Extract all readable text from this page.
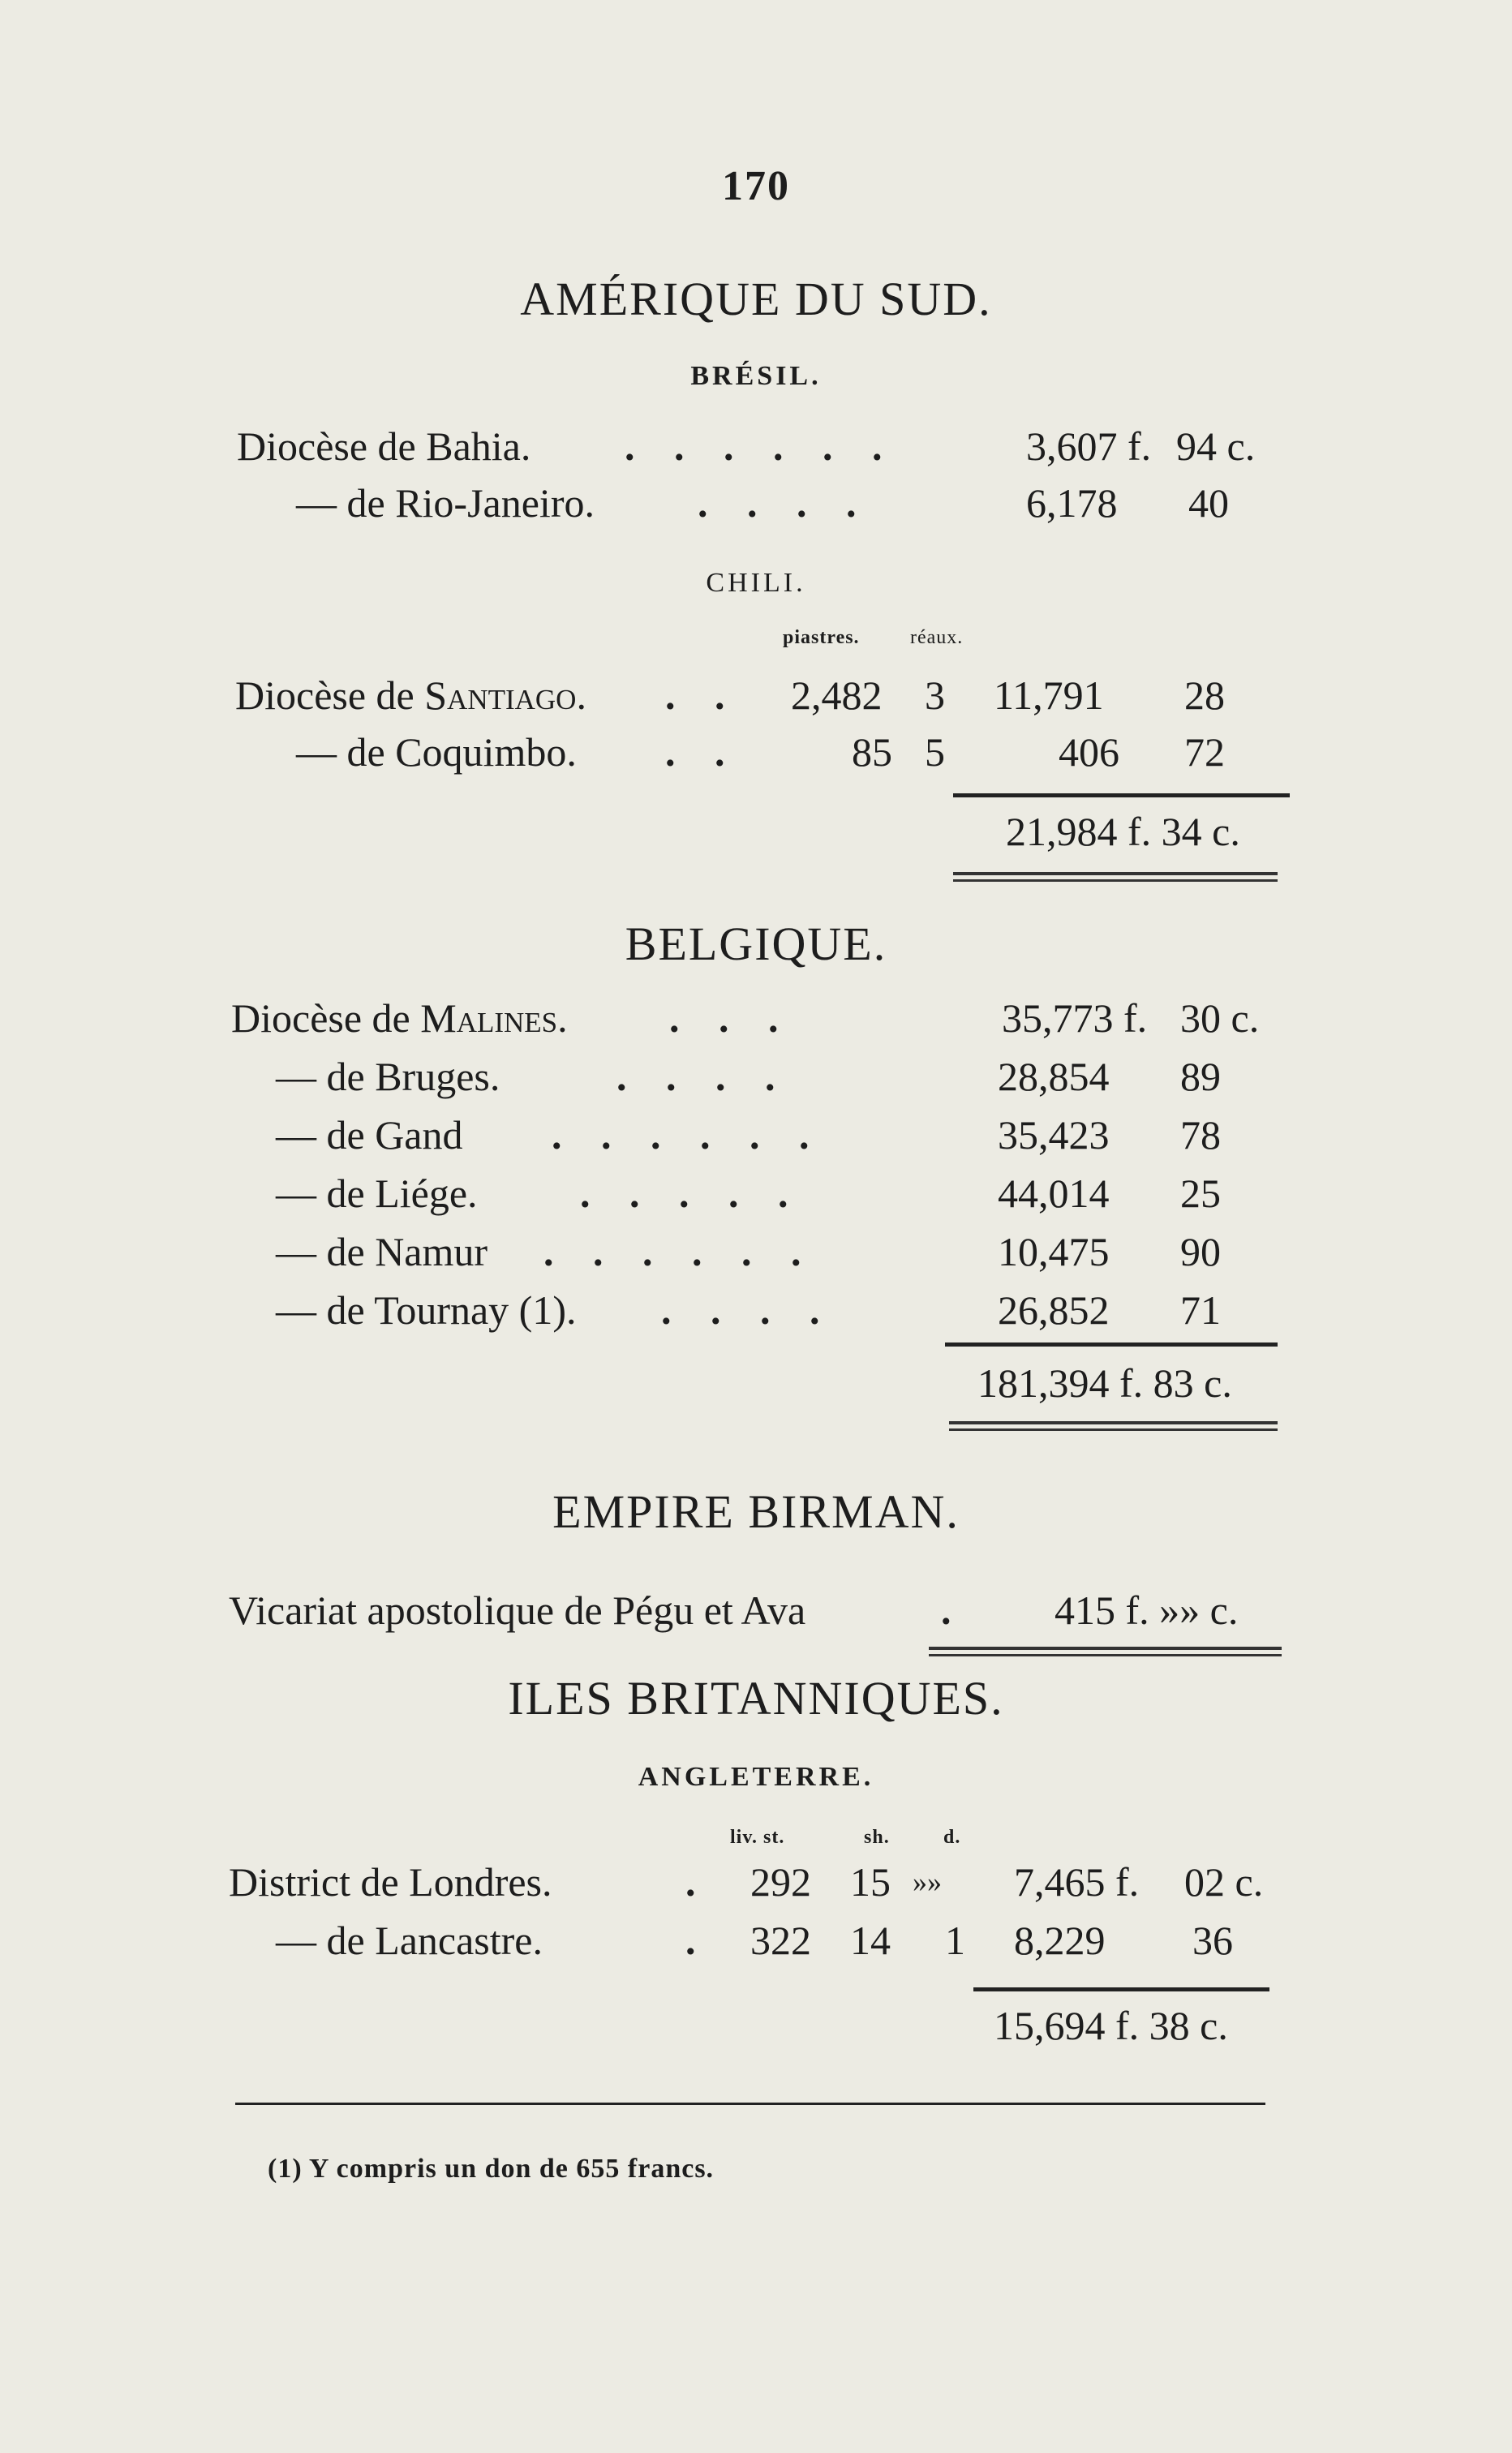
170
AMÉRIQUE DU SUD.
BRÉSIL.
Diocèse de Bahia. . . . . . .	3,607 f. 94 c.
— de Rio-Janeiro.	. . . .	6,178 40
CHILI.
piastres.	réaux.
Diocèse de Santiago. . . 2,482 3 11,791 28
— de Coquimbo. . .	85 5	406 72
21,984 f. 34 c.
BELGIQUE.
Diocèse de Malines.	. . .	35,773 f. 30 c.
— de Bruges.	. . . .	28,854 89
— de Gand . . . . . .	35,423 78
— de Liége.	. . . . .	44,014 25
— de Namur . . . . . .	10,475 90
— de Tournay (1). . . . .	26,852 71
181,394 f. 83 c.
EMPIRE BIRMAN.
Vicariat apostolique de Pégu et Ava	. 415 f. »» c.
ILES BRITANNIQUES.
ANGLETERRE.
liv. st.	sh.	d.
District de Londres.	. 292 15 »» 7,465 f. 02 c.
— de Lancastre.	. 322 14 1 8,229 36
15,694 f. 38 c.
(1) Y compris un don de 655 francs.
